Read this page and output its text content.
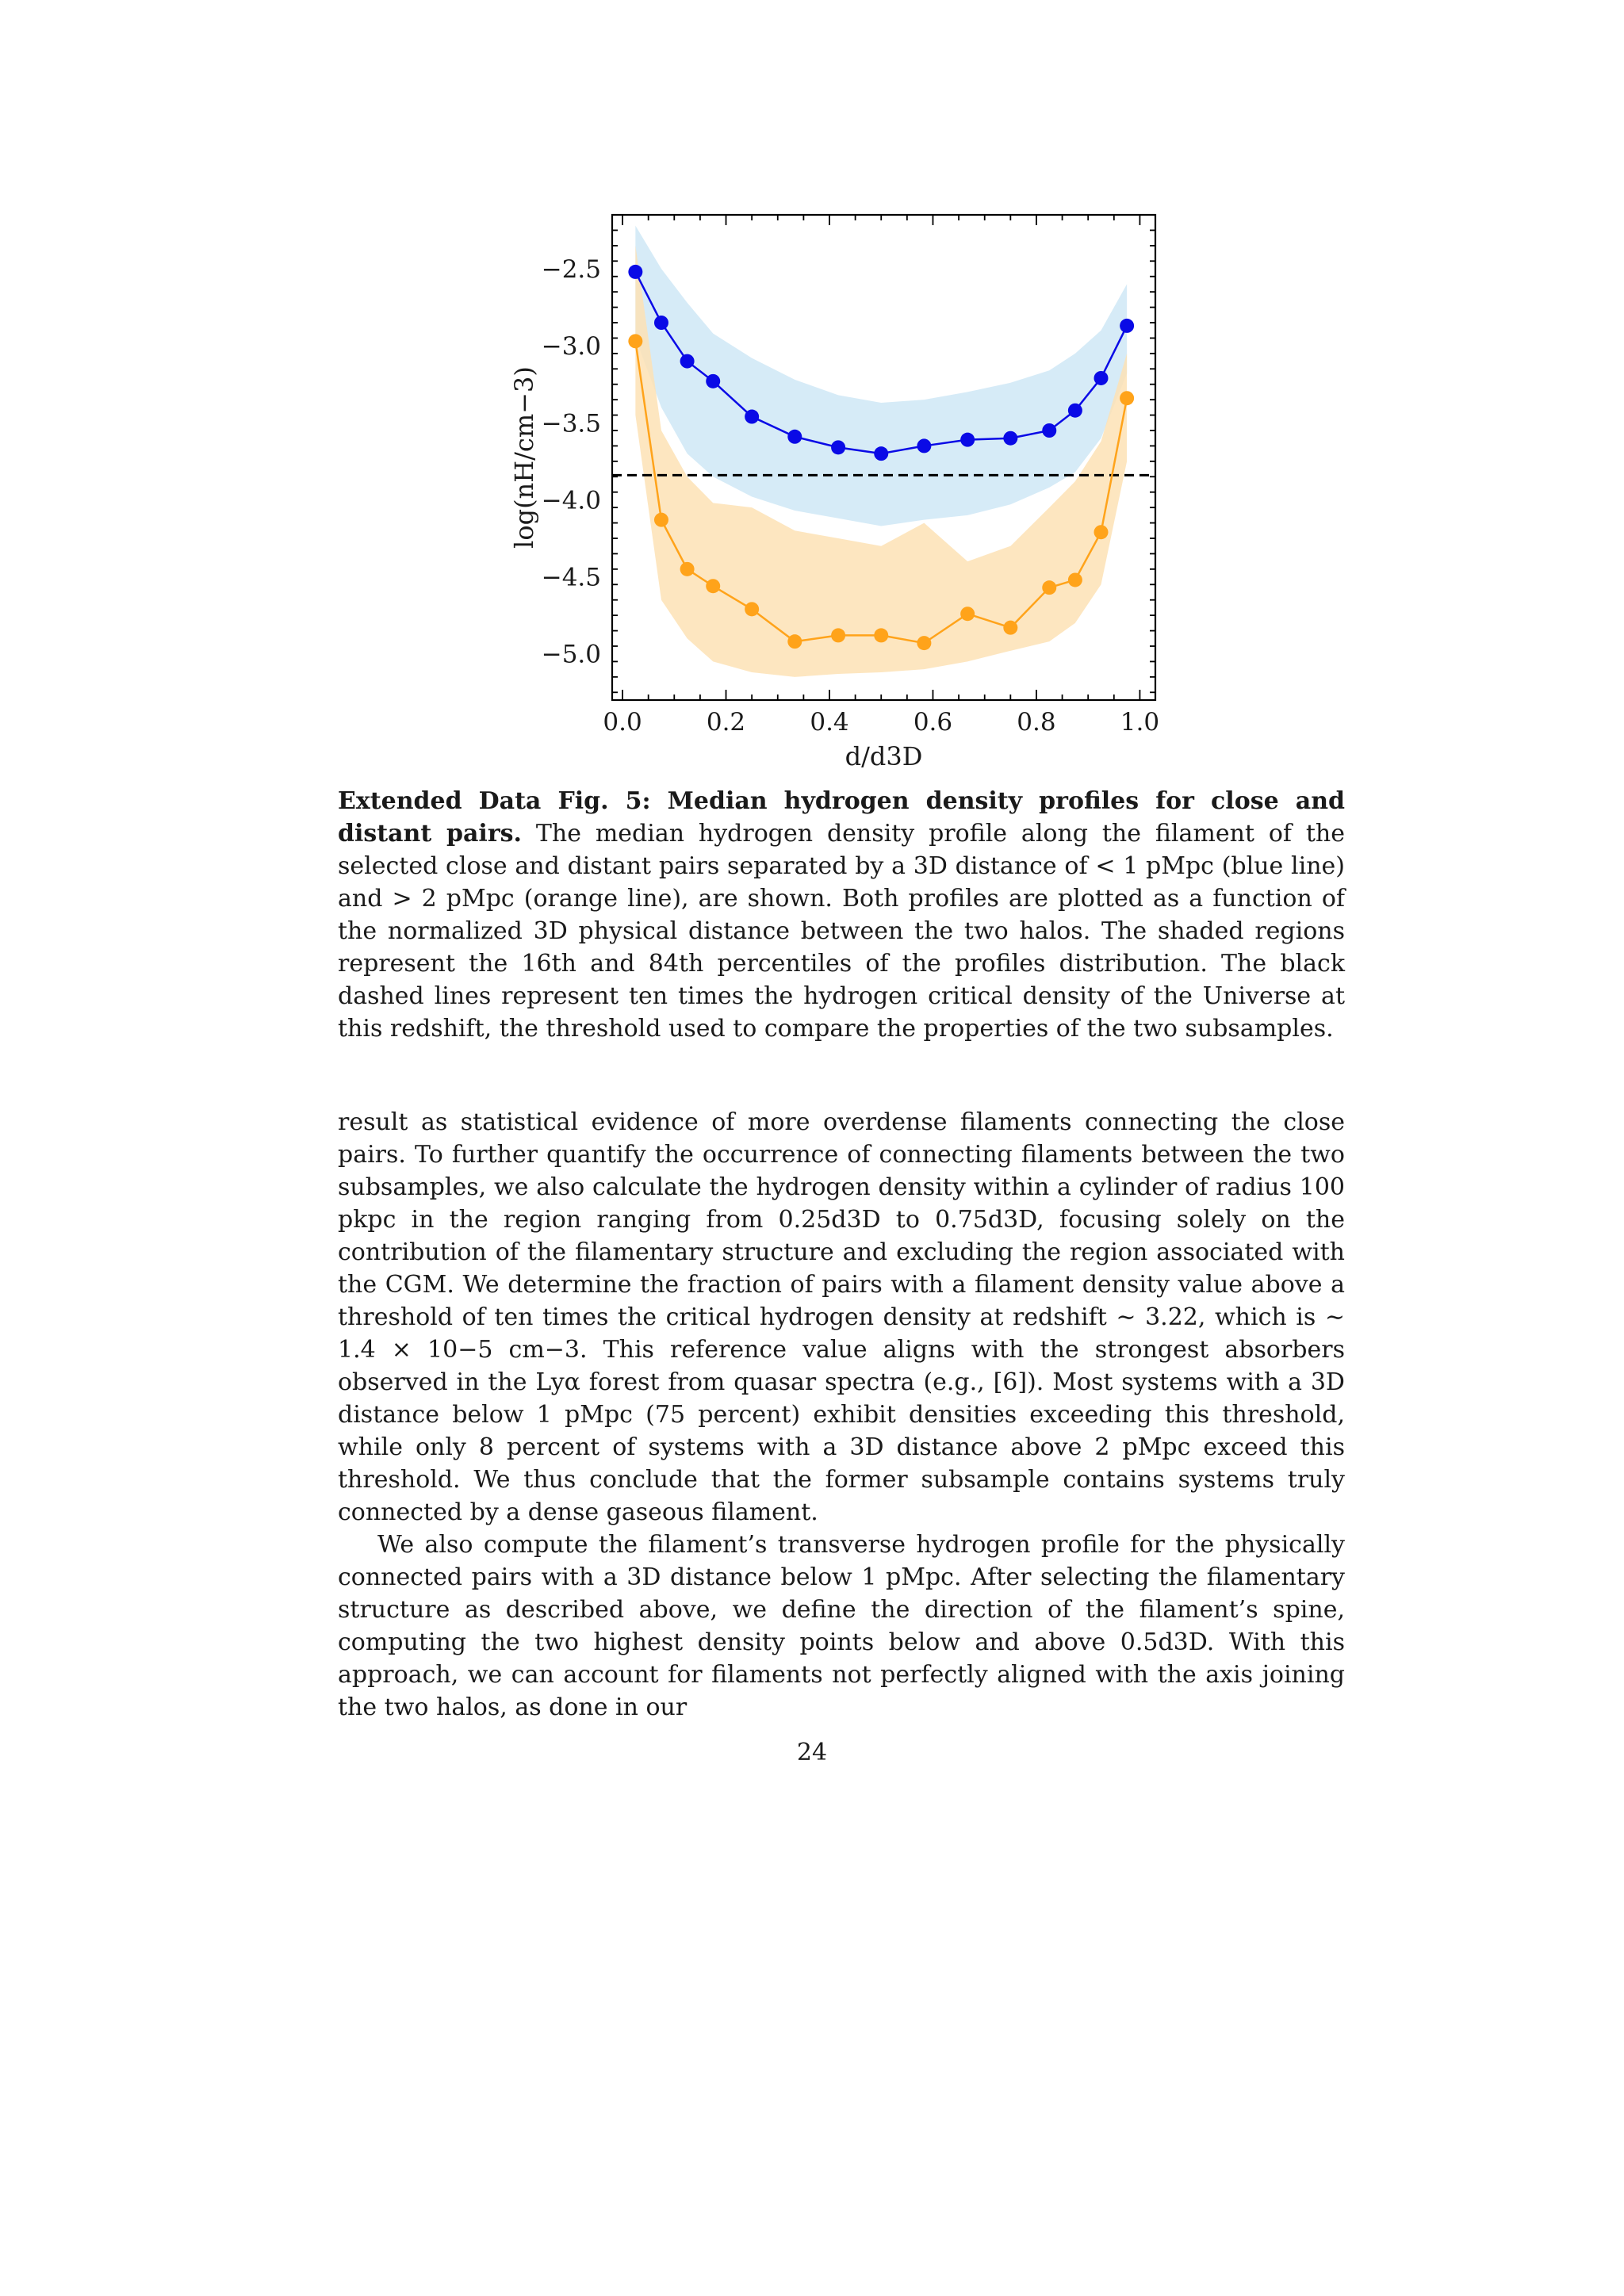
0.0	0.2	0.4	0.6	0.8	1.0
−2.5
−3.0
−3.5
−4.0
−4.5
−5.0
d/d3D
log(nH/cm−3)

Extended Data Fig. 5: Median hydrogen density profiles for close and distant pairs. The median hydrogen density profile along the filament of the selected close and distant pairs separated by a 3D distance of < 1 pMpc (blue line) and > 2 pMpc (orange line), are shown. Both profiles are plotted as a function of the normalized 3D physical distance between the two halos. The shaded regions represent the 16th and 84th percentiles of the profiles distribution. The black dashed lines represent ten times the hydrogen critical density of the Universe at this redshift, the threshold used to compare the properties of the two subsamples.

result as statistical evidence of more overdense filaments connecting the close pairs. To further quantify the occurrence of connecting filaments between the two subsamples, we also calculate the hydrogen density within a cylinder of radius 100 pkpc in the region ranging from 0.25d3D to 0.75d3D, focusing solely on the contribution of the filamentary structure and excluding the region associated with the CGM. We determine the fraction of pairs with a filament density value above a threshold of ten times the critical hydrogen density at redshift ∼ 3.22, which is ∼ 1.4 × 10−5 cm−3. This reference value aligns with the strongest absorbers observed in the Lyα forest from quasar spectra (e.g., [6]). Most systems with a 3D distance below 1 pMpc (75 percent) exhibit densities exceeding this threshold, while only 8 percent of systems with a 3D distance above 2 pMpc exceed this threshold. We thus conclude that the former subsample contains systems truly connected by a dense gaseous filament.

We also compute the filament’s transverse hydrogen profile for the physically connected pairs with a 3D distance below 1 pMpc. After selecting the filamentary structure as described above, we define the direction of the filament’s spine, computing the two highest density points below and above 0.5d3D. With this approach, we can account for filaments not perfectly aligned with the axis joining the two halos, as done in our

24
